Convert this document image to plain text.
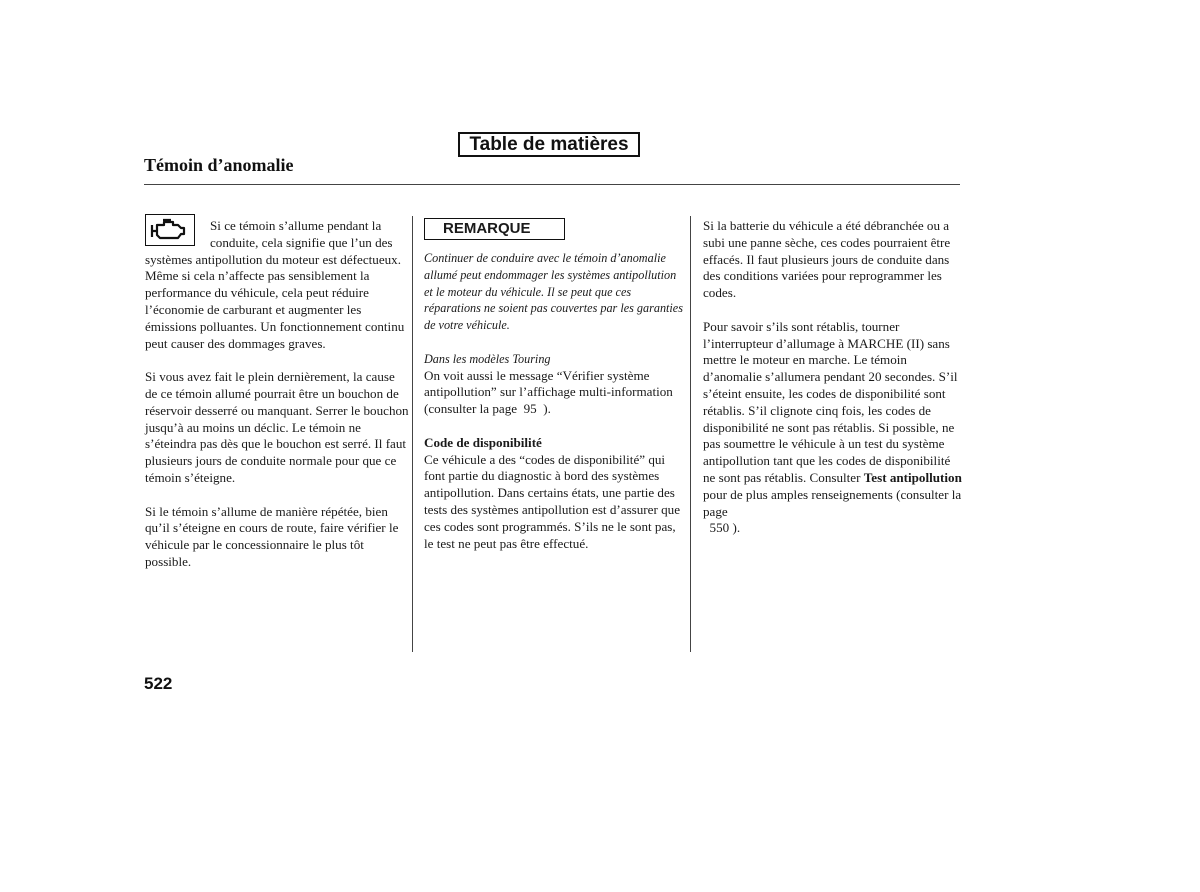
Table de matières
Témoin d’anomalie

Si ce témoin s’allume pendant la

conduite, cela signifie que l’un des

systèmes antipollution du moteur est défectueux. Même si cela n’affecte pas sensiblement la performance du véhicule, cela peut réduire l’économie de carburant et augmenter les émissions polluantes. Un fonctionnement continu peut causer des dommages graves.

Si vous avez fait le plein dernièrement, la cause de ce témoin allumé pourrait être un bouchon de réservoir desserré ou manquant. Serrer le bouchon jusqu’à au moins un déclic. Le témoin ne s’éteindra pas dès que le bouchon est serré. Il faut plusieurs jours de conduite normale pour que ce témoin s’éteigne.

Si le témoin s’allume de manière répétée, bien qu’il s’éteigne en cours de route, faire vérifier le véhicule par le concessionnaire le plus tôt possible.

REMARQUE

Continuer de conduire avec le témoin d’anomalie allumé peut endommager les systèmes antipollution et le moteur du véhicule. Il se peut que ces réparations ne soient pas couvertes par les garanties de votre véhicule.

Dans les modèles Touring

On voit aussi le message “Vérifier système antipollution” sur l’affichage multi-information (consulter la page 95 ).

Code de disponibilité

Ce véhicule a des “codes de disponibilité” qui font partie du diagnostic à bord des systèmes antipollution. Dans certains états, une partie des tests des systèmes antipollution est d’assurer que ces codes sont programmés. S’ils ne le sont pas, le test ne peut pas être effectué.

Si la batterie du véhicule a été débranchée ou a subi une panne sèche, ces codes pourraient être effacés. Il faut plusieurs jours de conduite dans des conditions variées pour reprogrammer les codes.

Pour savoir s’ils sont rétablis, tourner l’interrupteur d’allumage à MARCHE (II) sans mettre le moteur en marche. Le témoin d’anomalie s’allumera pendant 20 secondes. S’il s’éteint ensuite, les codes de disponibilité sont rétablis. S’il clignote cinq fois, les codes de disponibilité ne sont pas rétablis. Si possible, ne pas soumettre le véhicule à un test du système antipollution tant que les codes de disponibilité ne sont pas rétablis. Consulter Test antipollution pour de plus amples renseignements (consulter la page
550 ).

522
